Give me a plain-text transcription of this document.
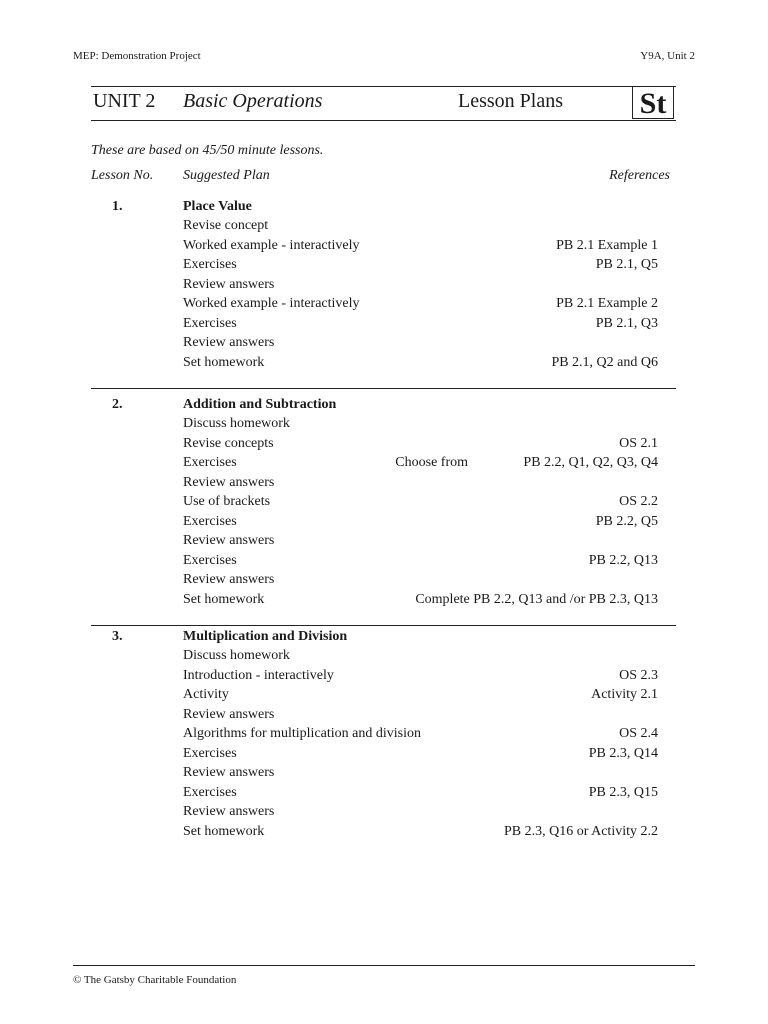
MEP: Demonstration Project	Y9A, Unit 2
UNIT 2 Basic Operations	Lesson Plans	St
These are based on 45/50 minute lessons.
Lesson No. Suggested Plan	References
1.	Place Value
Revise concept
Worked example - interactively	PB 2.1 Example 1
Exercises	PB 2.1, Q5
Review answers
Worked example - interactively	PB 2.1 Example 2
Exercises	PB 2.1, Q3
Review answers
Set homework	PB 2.1, Q2 and Q6
2.	Addition and Subtraction
Discuss homework
Revise concepts	OS 2.1
Exercises	Choose from	PB 2.2, Q1, Q2, Q3, Q4
Review answers
Use of brackets	OS 2.2
Exercises	PB 2.2, Q5
Review answers
Exercises	PB 2.2, Q13
Review answers
Set homework	Complete PB 2.2, Q13 and /or PB 2.3, Q13
3.	Multiplication and Division
Discuss homework
Introduction - interactively	OS 2.3
Activity	Activity 2.1
Review answers
Algorithms for multiplication and division	OS 2.4
Exercises	PB 2.3, Q14
Review answers
Exercises	PB 2.3, Q15
Review answers
Set homework	PB 2.3, Q16 or Activity 2.2
© The Gatsby Charitable Foundation
